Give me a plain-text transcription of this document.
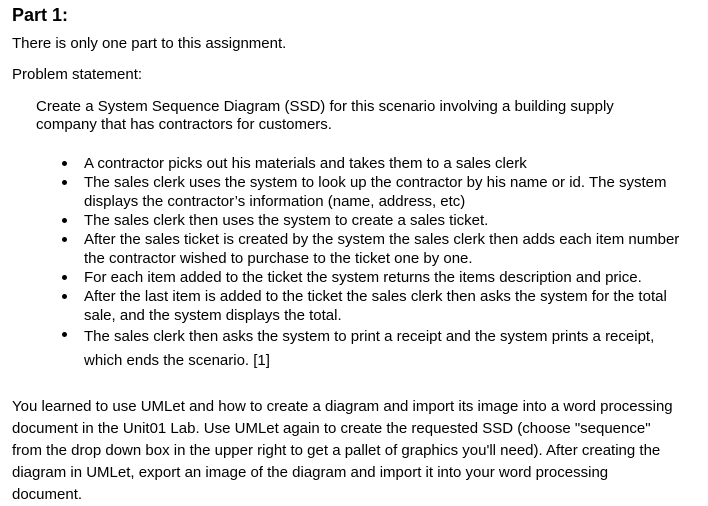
Part 1:

There is only one part to this assignment.

Problem statement:

Create a System Sequence Diagram (SSD) for this scenario involving a building supply company that has contractors for customers.

A contractor picks out his materials and takes them to a sales clerk
The sales clerk uses the system to look up the contractor by his name or id. The system displays the contractor’s information (name, address, etc)
The sales clerk then uses the system to create a sales ticket.
After the sales ticket is created by the system the sales clerk then adds each item number the contractor wished to purchase to the ticket one by one.
For each item added to the ticket the system returns the items description and price.
After the last item is added to the ticket the sales clerk then asks the system for the total sale, and the system displays the total.
The sales clerk then asks the system to print a receipt and the system prints a receipt, which ends the scenario. [1]

You learned to use UMLet and how to create a diagram and import its image into a word processing document in the Unit01 Lab. Use UMLet again to create the requested SSD (choose "sequence" from the drop down box in the upper right to get a pallet of graphics you'll need). After creating the diagram in UMLet, export an image of the diagram and import it into your word processing document.
